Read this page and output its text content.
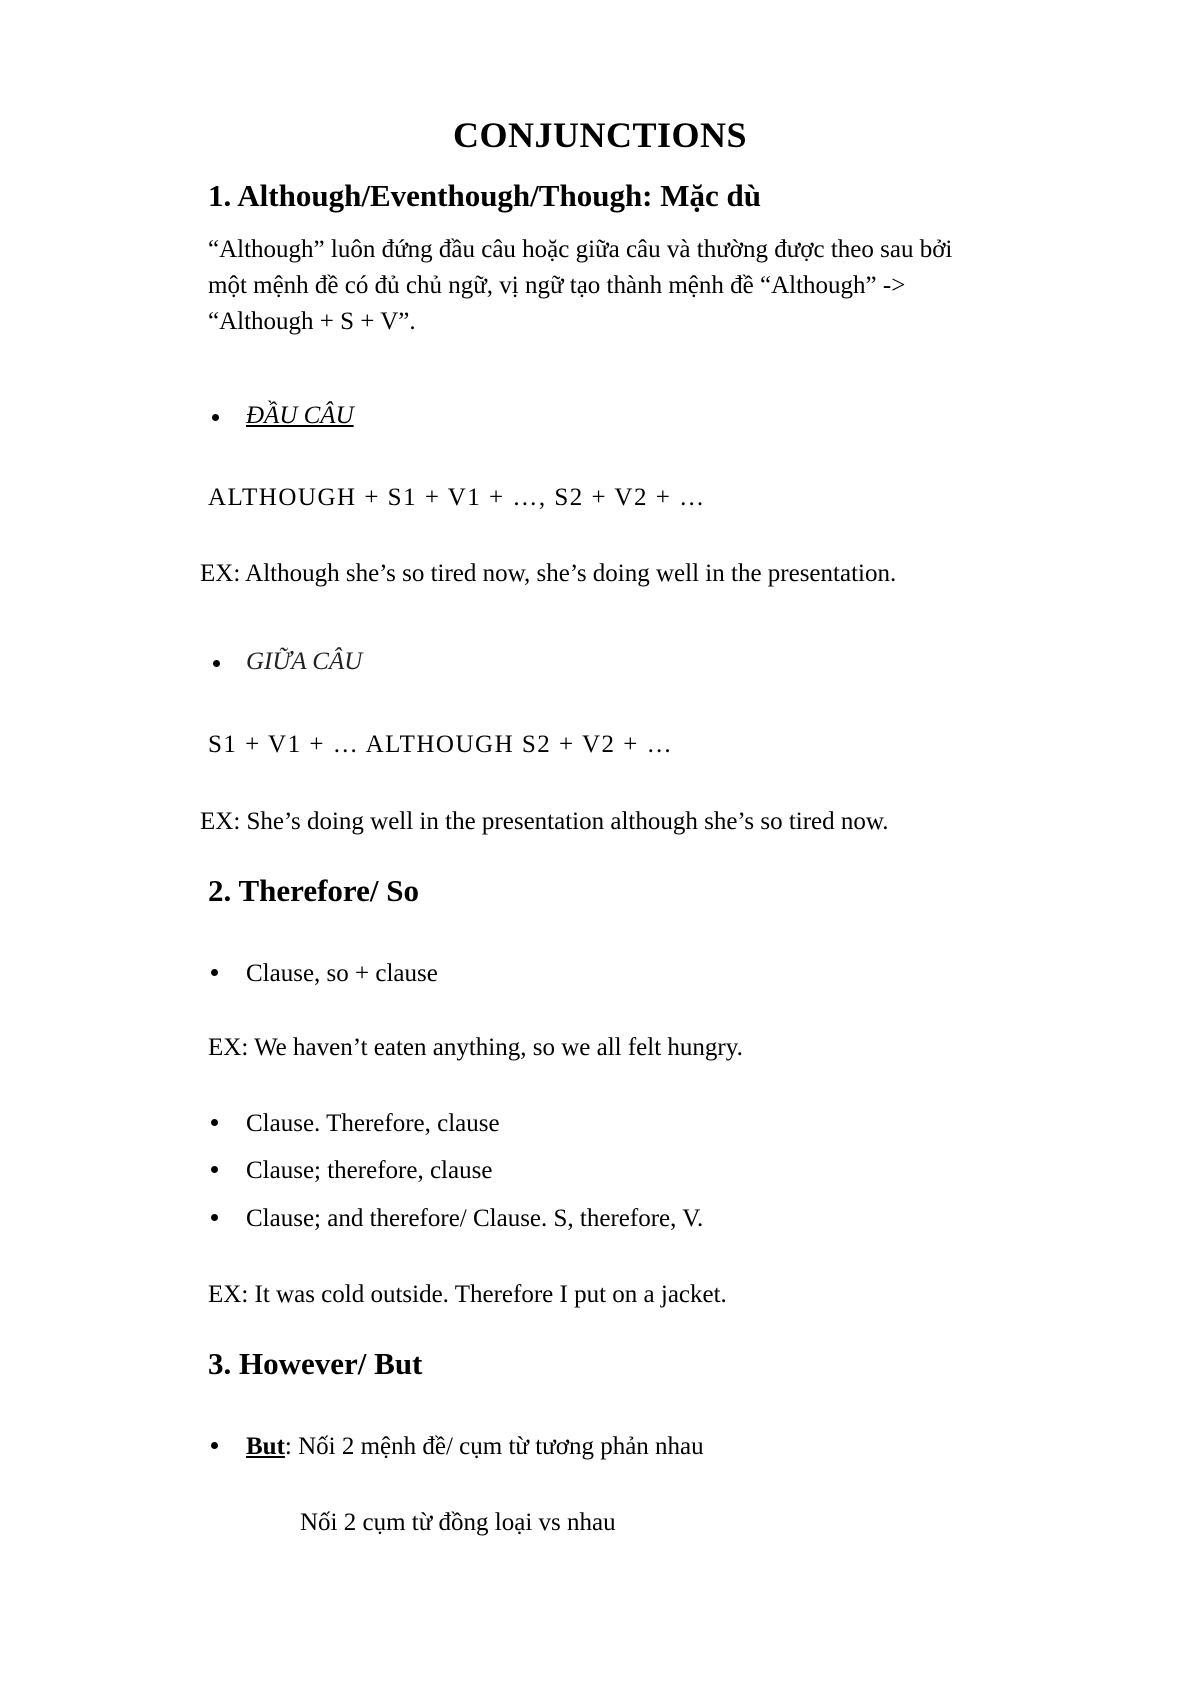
CONJUNCTIONS
1. Although/Eventhough/Though: Mặc dù
“Although” luôn đứng đầu câu hoặc giữa câu và thường được theo sau bởi
một mệnh đề có đủ chủ ngữ, vị ngữ tạo thành mệnh đề “Although” ->
“Although + S + V”.
ĐẦU CÂU
ALTHOUGH + S1 + V1 + …, S2 + V2 + …
EX: Although she’s so tired now, she’s doing well in the presentation.
GIỮA CÂU
S1 + V1 + … ALTHOUGH S2 + V2 + …
EX: She’s doing well in the presentation although she’s so tired now.
2. Therefore/ So
Clause, so + clause
EX: We haven’t eaten anything, so we all felt hungry.
Clause. Therefore, clause
Clause; therefore, clause
Clause; and therefore/ Clause. S, therefore, V.
EX: It was cold outside. Therefore I put on a jacket.
3. However/ But
But: Nối 2 mệnh đề/ cụm từ tương phản nhau
Nối 2 cụm từ đồng loại vs nhau
